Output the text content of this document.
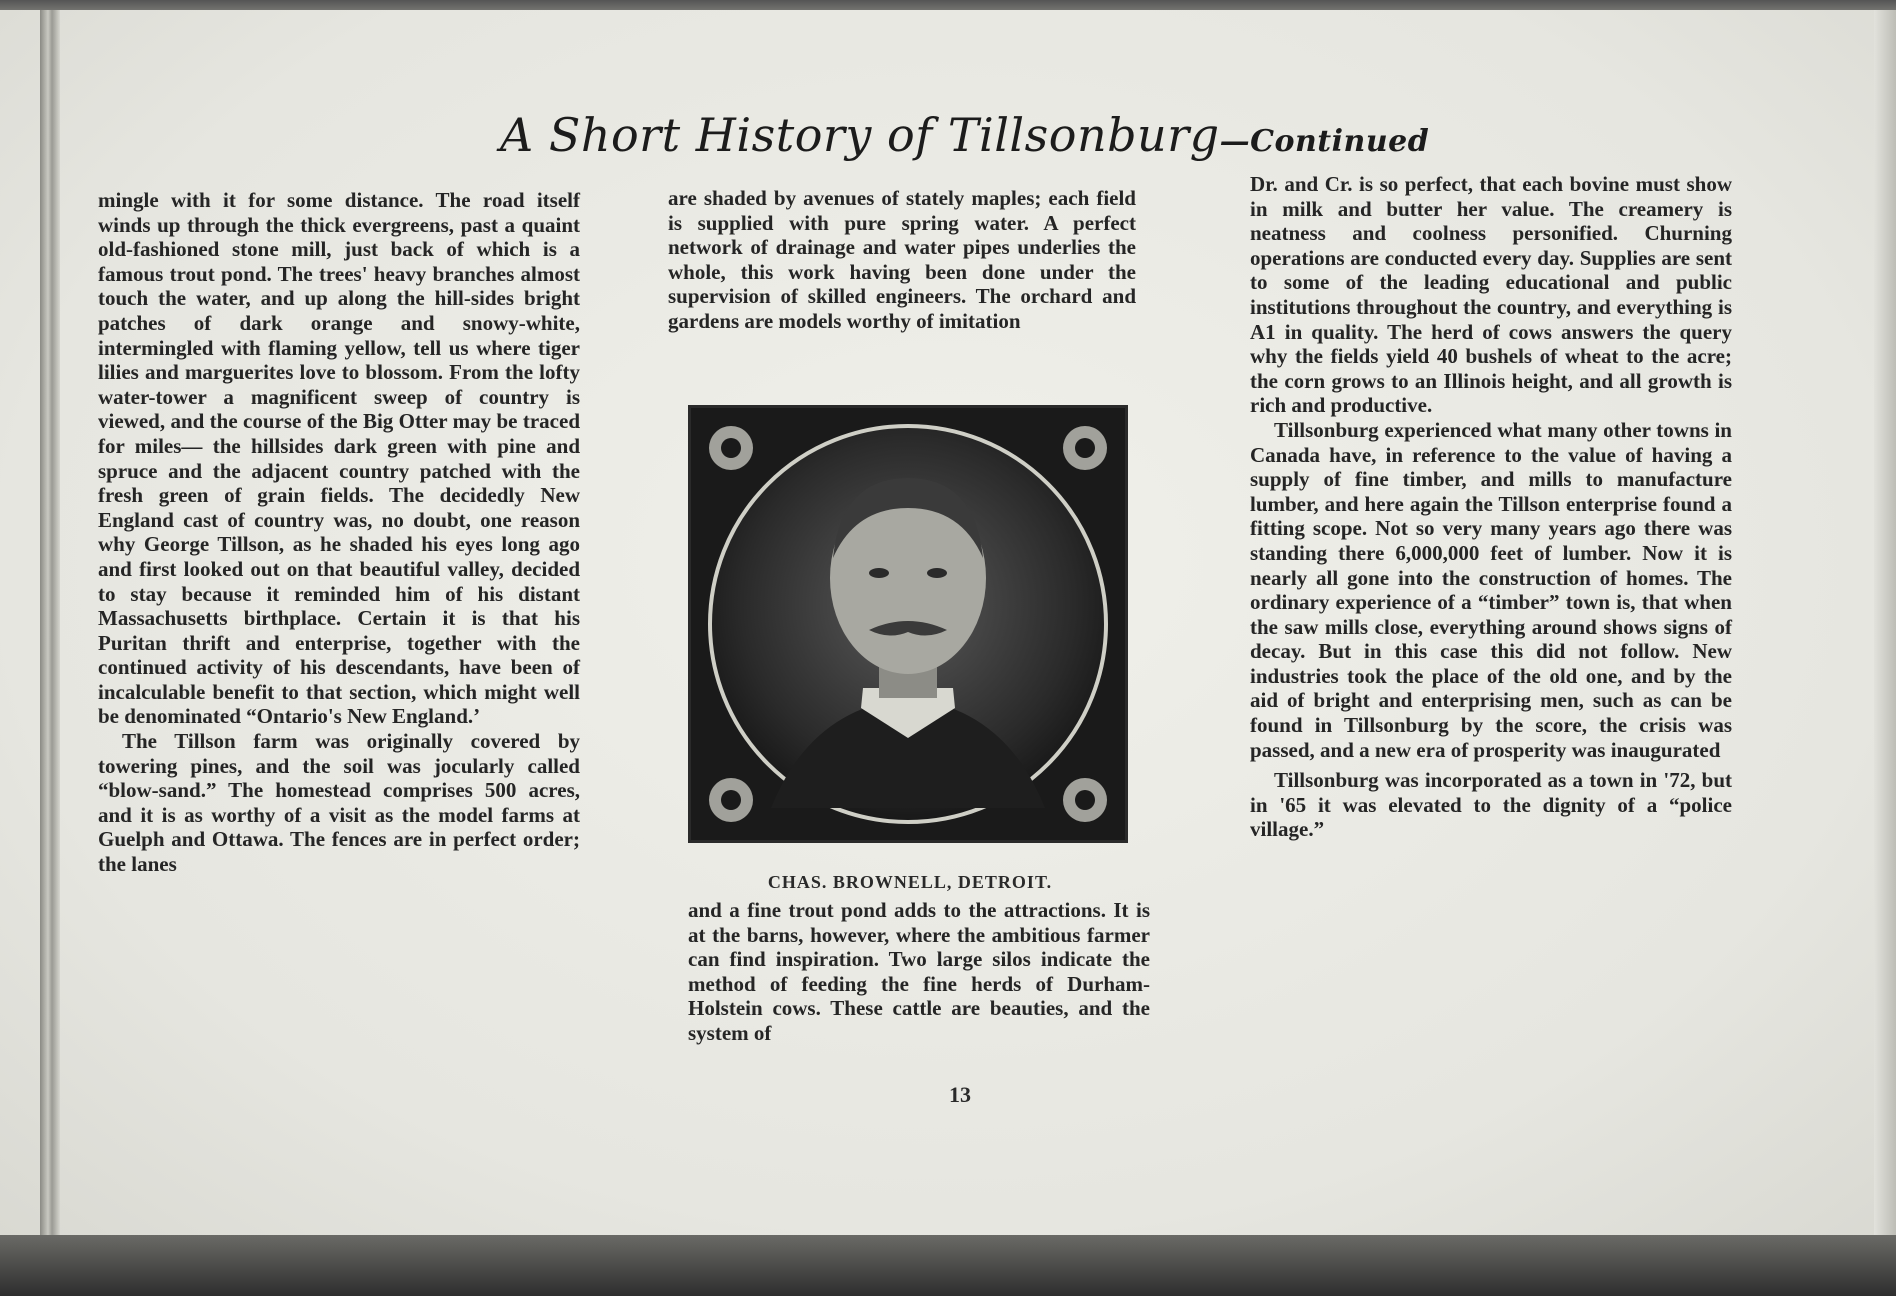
A Short History of Tillsonburg—Continued

mingle with it for some distance. The road itself winds up through the thick evergreens, past a quaint old-fashioned stone mill, just back of which is a famous trout pond. The trees' heavy branches almost touch the water, and up along the hill-sides bright patches of dark orange and snowy-white, intermingled with flaming yellow, tell us where tiger lilies and marguerites love to blossom. From the lofty water-tower a magnificent sweep of country is viewed, and the course of the Big Otter may be traced for miles— the hillsides dark green with pine and spruce and the adjacent country patched with the fresh green of grain fields. The decidedly New England cast of country was, no doubt, one reason why George Tillson, as he shaded his eyes long ago and first looked out on that beautiful valley, decided to stay because it reminded him of his distant Massachusetts birthplace. Certain it is that his Puritan thrift and enterprise, together with the continued activity of his descendants, have been of incalculable benefit to that section, which might well be denominated “Ontario's New England.’

The Tillson farm was originally covered by towering pines, and the soil was jocularly called “blow-sand.” The homestead comprises 500 acres, and it is as worthy of a visit as the model farms at Guelph and Ottawa. The fences are in perfect order; the lanes

are shaded by avenues of stately maples; each field is supplied with pure spring water. A perfect network of drainage and water pipes underlies the whole, this work having been done under the supervision of skilled engineers. The orchard and gardens are models worthy of imitation

CHAS. BROWNELL, DETROIT.

and a fine trout pond adds to the attractions. It is at the barns, however, where the ambitious farmer can find inspiration. Two large silos indicate the method of feeding the fine herds of Durham-Holstein cows. These cattle are beauties, and the system of

Dr. and Cr. is so perfect, that each bovine must show in milk and butter her value. The creamery is neatness and coolness personified. Churning operations are conducted every day. Supplies are sent to some of the leading educational and public institutions throughout the country, and everything is A1 in quality. The herd of cows answers the query why the fields yield 40 bushels of wheat to the acre; the corn grows to an Illinois height, and all growth is rich and productive.

Tillsonburg experienced what many other towns in Canada have, in reference to the value of having a supply of fine timber, and mills to manufacture lumber, and here again the Tillson enterprise found a fitting scope. Not so very many years ago there was standing there 6,000,000 feet of lumber. Now it is nearly all gone into the construction of homes. The ordinary experience of a “timber” town is, that when the saw mills close, everything around shows signs of decay. But in this case this did not follow. New industries took the place of the old one, and by the aid of bright and enterprising men, such as can be found in Tillsonburg by the score, the crisis was passed, and a new era of prosperity was inaugurated

Tillsonburg was incorporated as a town in '72, but in '65 it was elevated to the dignity of a “police village.”

13
